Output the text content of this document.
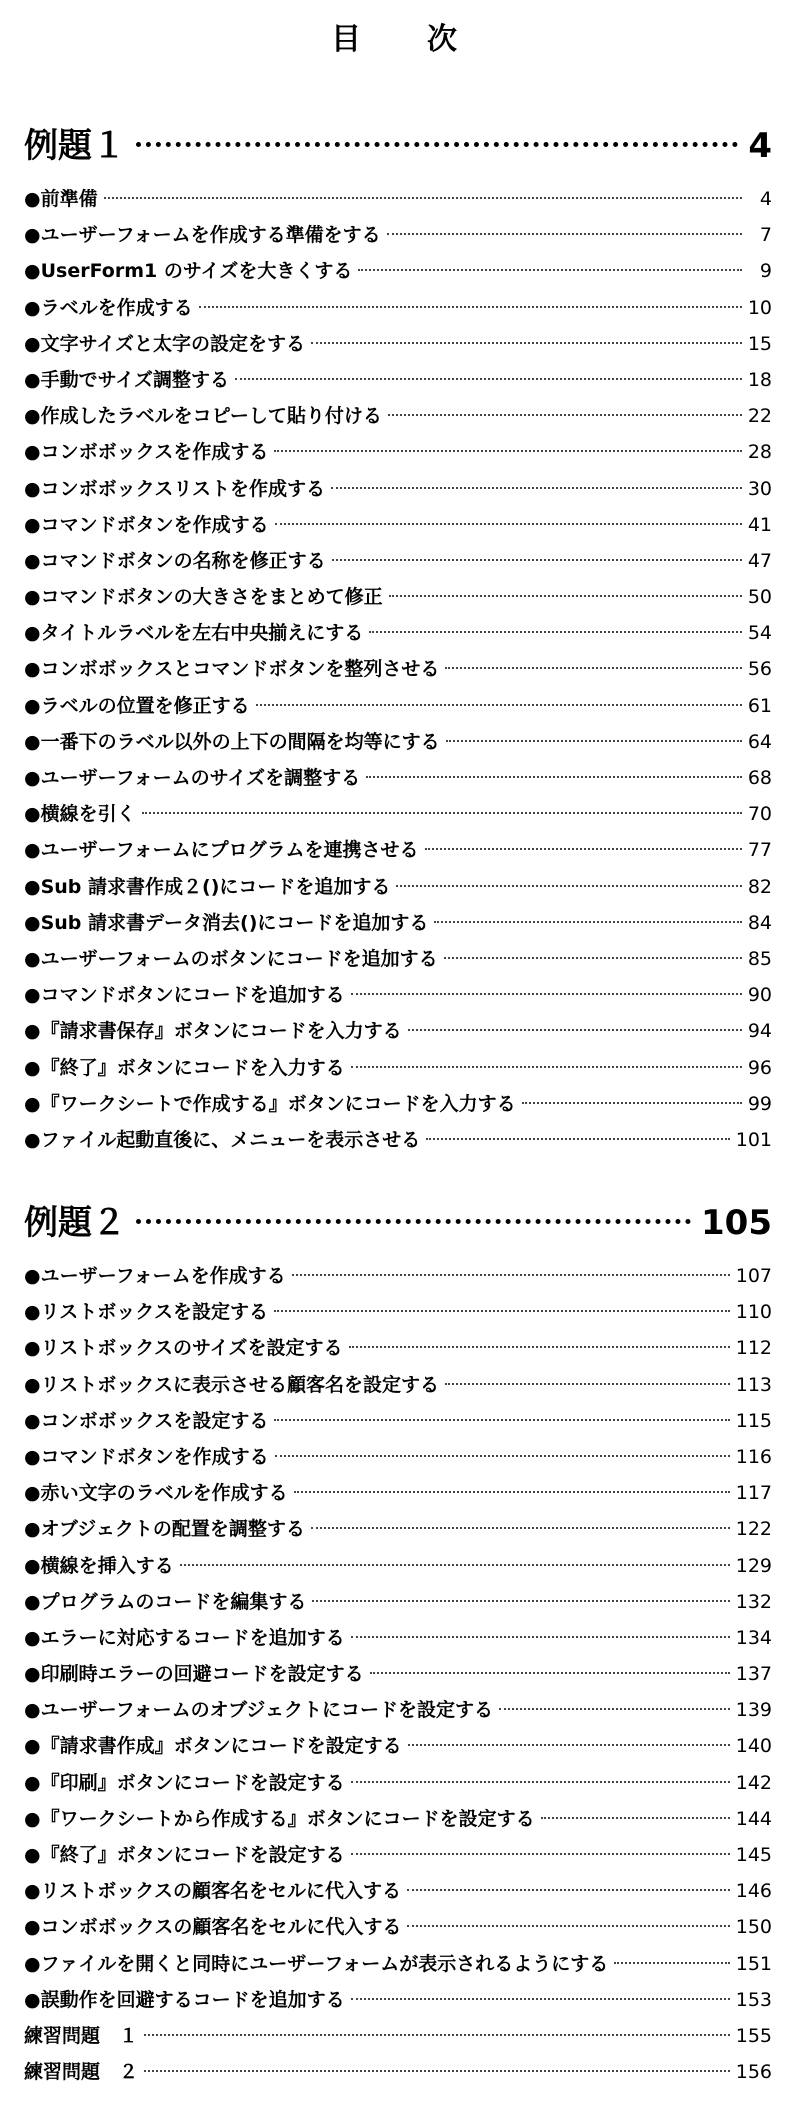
目　　次
例題１	4
●前準備	4
●ユーザーフォームを作成する準備をする	7
●UserForm1 のサイズを大きくする	9
●ラベルを作成する	10
●文字サイズと太字の設定をする	15
●手動でサイズ調整する	18
●作成したラベルをコピーして貼り付ける	22
●コンボボックスを作成する	28
●コンボボックスリストを作成する	30
●コマンドボタンを作成する	41
●コマンドボタンの名称を修正する	47
●コマンドボタンの大きさをまとめて修正	50
●タイトルラベルを左右中央揃えにする	54
●コンボボックスとコマンドボタンを整列させる	56
●ラベルの位置を修正する	61
●一番下のラベル以外の上下の間隔を均等にする	64
●ユーザーフォームのサイズを調整する	68
●横線を引く	70
●ユーザーフォームにプログラムを連携させる	77
●Sub 請求書作成２()にコードを追加する	82
●Sub 請求書データ消去()にコードを追加する	84
●ユーザーフォームのボタンにコードを追加する	85
●コマンドボタンにコードを追加する	90
●『請求書保存』ボタンにコードを入力する	94
●『終了』ボタンにコードを入力する	96
●『ワークシートで作成する』ボタンにコードを入力する	99
●ファイル起動直後に、メニューを表示させる	101
例題２	105
●ユーザーフォームを作成する	107
●リストボックスを設定する	110
●リストボックスのサイズを設定する	112
●リストボックスに表示させる顧客名を設定する	113
●コンボボックスを設定する	115
●コマンドボタンを作成する	116
●赤い文字のラベルを作成する	117
●オブジェクトの配置を調整する	122
●横線を挿入する	129
●プログラムのコードを編集する	132
●エラーに対応するコードを追加する	134
●印刷時エラーの回避コードを設定する	137
●ユーザーフォームのオブジェクトにコードを設定する	139
●『請求書作成』ボタンにコードを設定する	140
●『印刷』ボタンにコードを設定する	142
●『ワークシートから作成する』ボタンにコードを設定する	144
●『終了』ボタンにコードを設定する	145
●リストボックスの顧客名をセルに代入する	146
●コンボボックスの顧客名をセルに代入する	150
●ファイルを開くと同時にユーザーフォームが表示されるようにする	151
●誤動作を回避するコードを追加する	153
練習問題　１	155
練習問題　２	156
